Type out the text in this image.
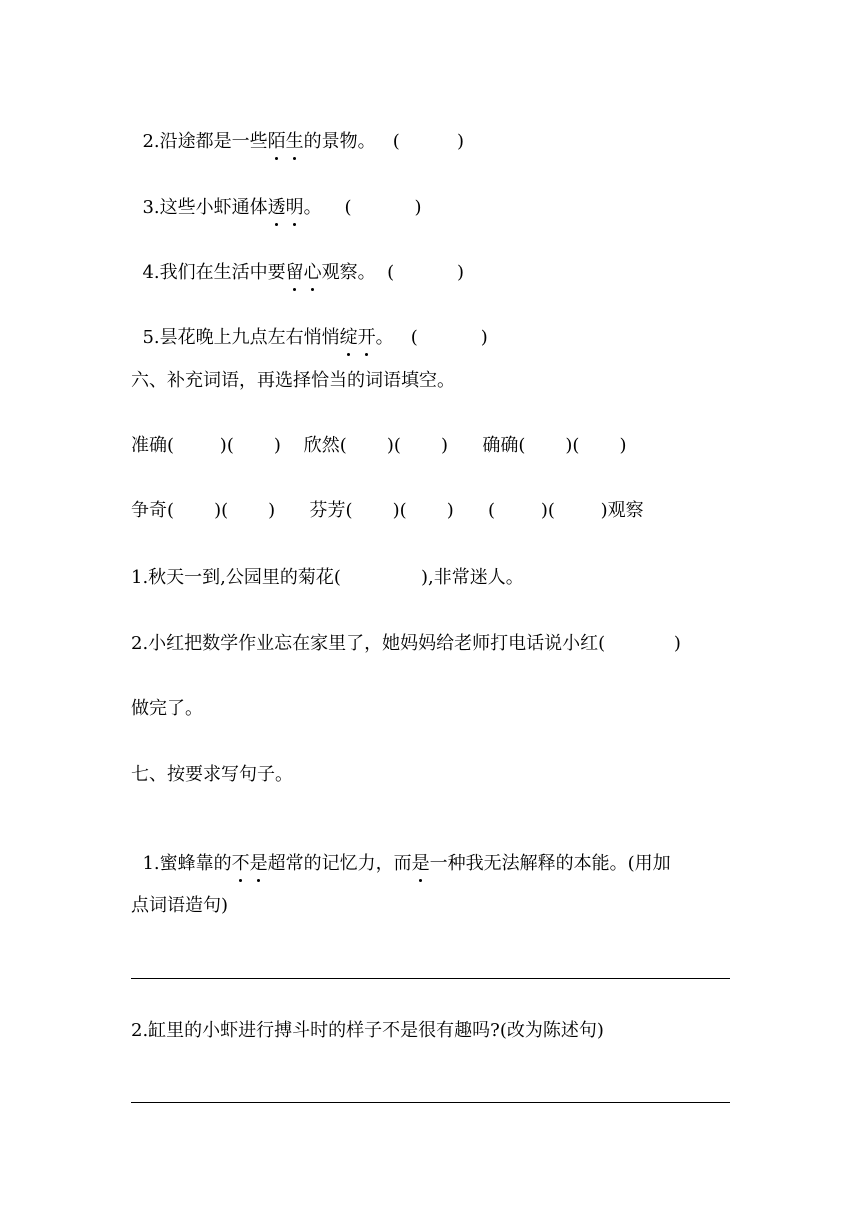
2.沿途都是一些陌生的景物。   (          )

3.这些小虾通体透明。    (           )

4.我们在生活中要留心观察。  (           )

5.昙花晚上九点左右悄悄绽开。   (           )

六、补充词语，再选择恰当的词语填空。
准确(        )(       )    欣然(       )(       )      确确(       )(       )
争奇(       )(       )      芬芳(       )(       )      (        )(        )观察
1.秋天一到,公园里的菊花(              ),非常迷人。
2.小红把数学作业忘在家里了，她妈妈给老师打电话说小红(            )
做完了。
七、按要求写句子。

1.蜜蜂靠的不是超常的记忆力，而是一种我无法解释的本能。(用加

点词语造句)
2.缸里的小虾进行搏斗时的样子不是很有趣吗?(改为陈述句)
